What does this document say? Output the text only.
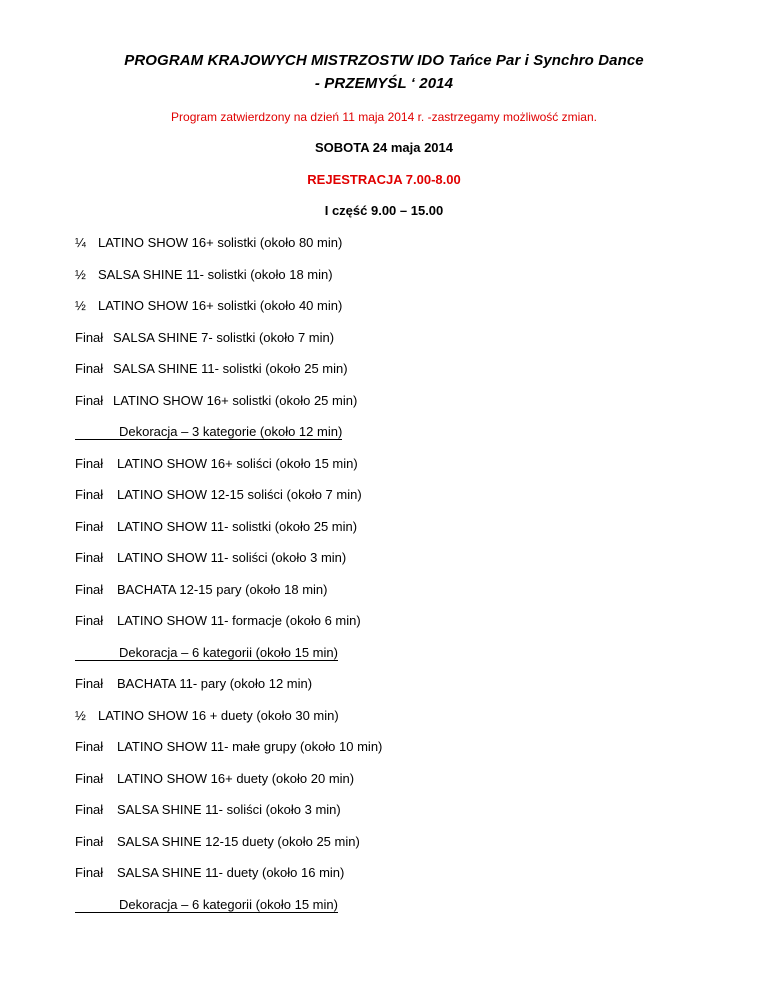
PROGRAM KRAJOWYCH MISTRZOSTW IDO Tańce Par i Synchro Dance
- PRZEMYŚL ‘ 2014
Program zatwierdzony na dzień 11 maja 2014 r. -zastrzegamy możliwość zmian.
SOBOTA 24 maja 2014
REJESTRACJA 7.00-8.00
I część 9.00 – 15.00
¼ LATINO SHOW 16+ solistki (około 80 min)
½ SALSA SHINE 11- solistki (około 18 min)
½ LATINO SHOW 16+ solistki (około 40 min)
Finał SALSA SHINE 7- solistki (około 7 min)
Finał SALSA SHINE 11- solistki (około 25 min)
Finał LATINO SHOW 16+ solistki (około 25 min)
Dekoracja – 3 kategorie (około 12 min)
Finał LATINO SHOW 16+ soliści (około 15 min)
Finał LATINO SHOW 12-15 soliści (około 7 min)
Finał LATINO SHOW 11- solistki (około 25 min)
Finał LATINO SHOW 11- soliści (około 3 min)
Finał BACHATA 12-15 pary (około 18 min)
Finał LATINO SHOW 11- formacje (około 6 min)
Dekoracja – 6 kategorii (około 15 min)
Finał BACHATA 11- pary (około 12 min)
½ LATINO SHOW 16 + duety (około 30 min)
Finał LATINO SHOW 11- małe grupy (około 10 min)
Finał LATINO SHOW 16+ duety (około 20 min)
Finał SALSA SHINE 11- soliści (około 3 min)
Finał SALSA SHINE 12-15 duety (około 25 min)
Finał SALSA SHINE 11- duety (około 16 min)
Dekoracja – 6 kategorii (około 15 min)
